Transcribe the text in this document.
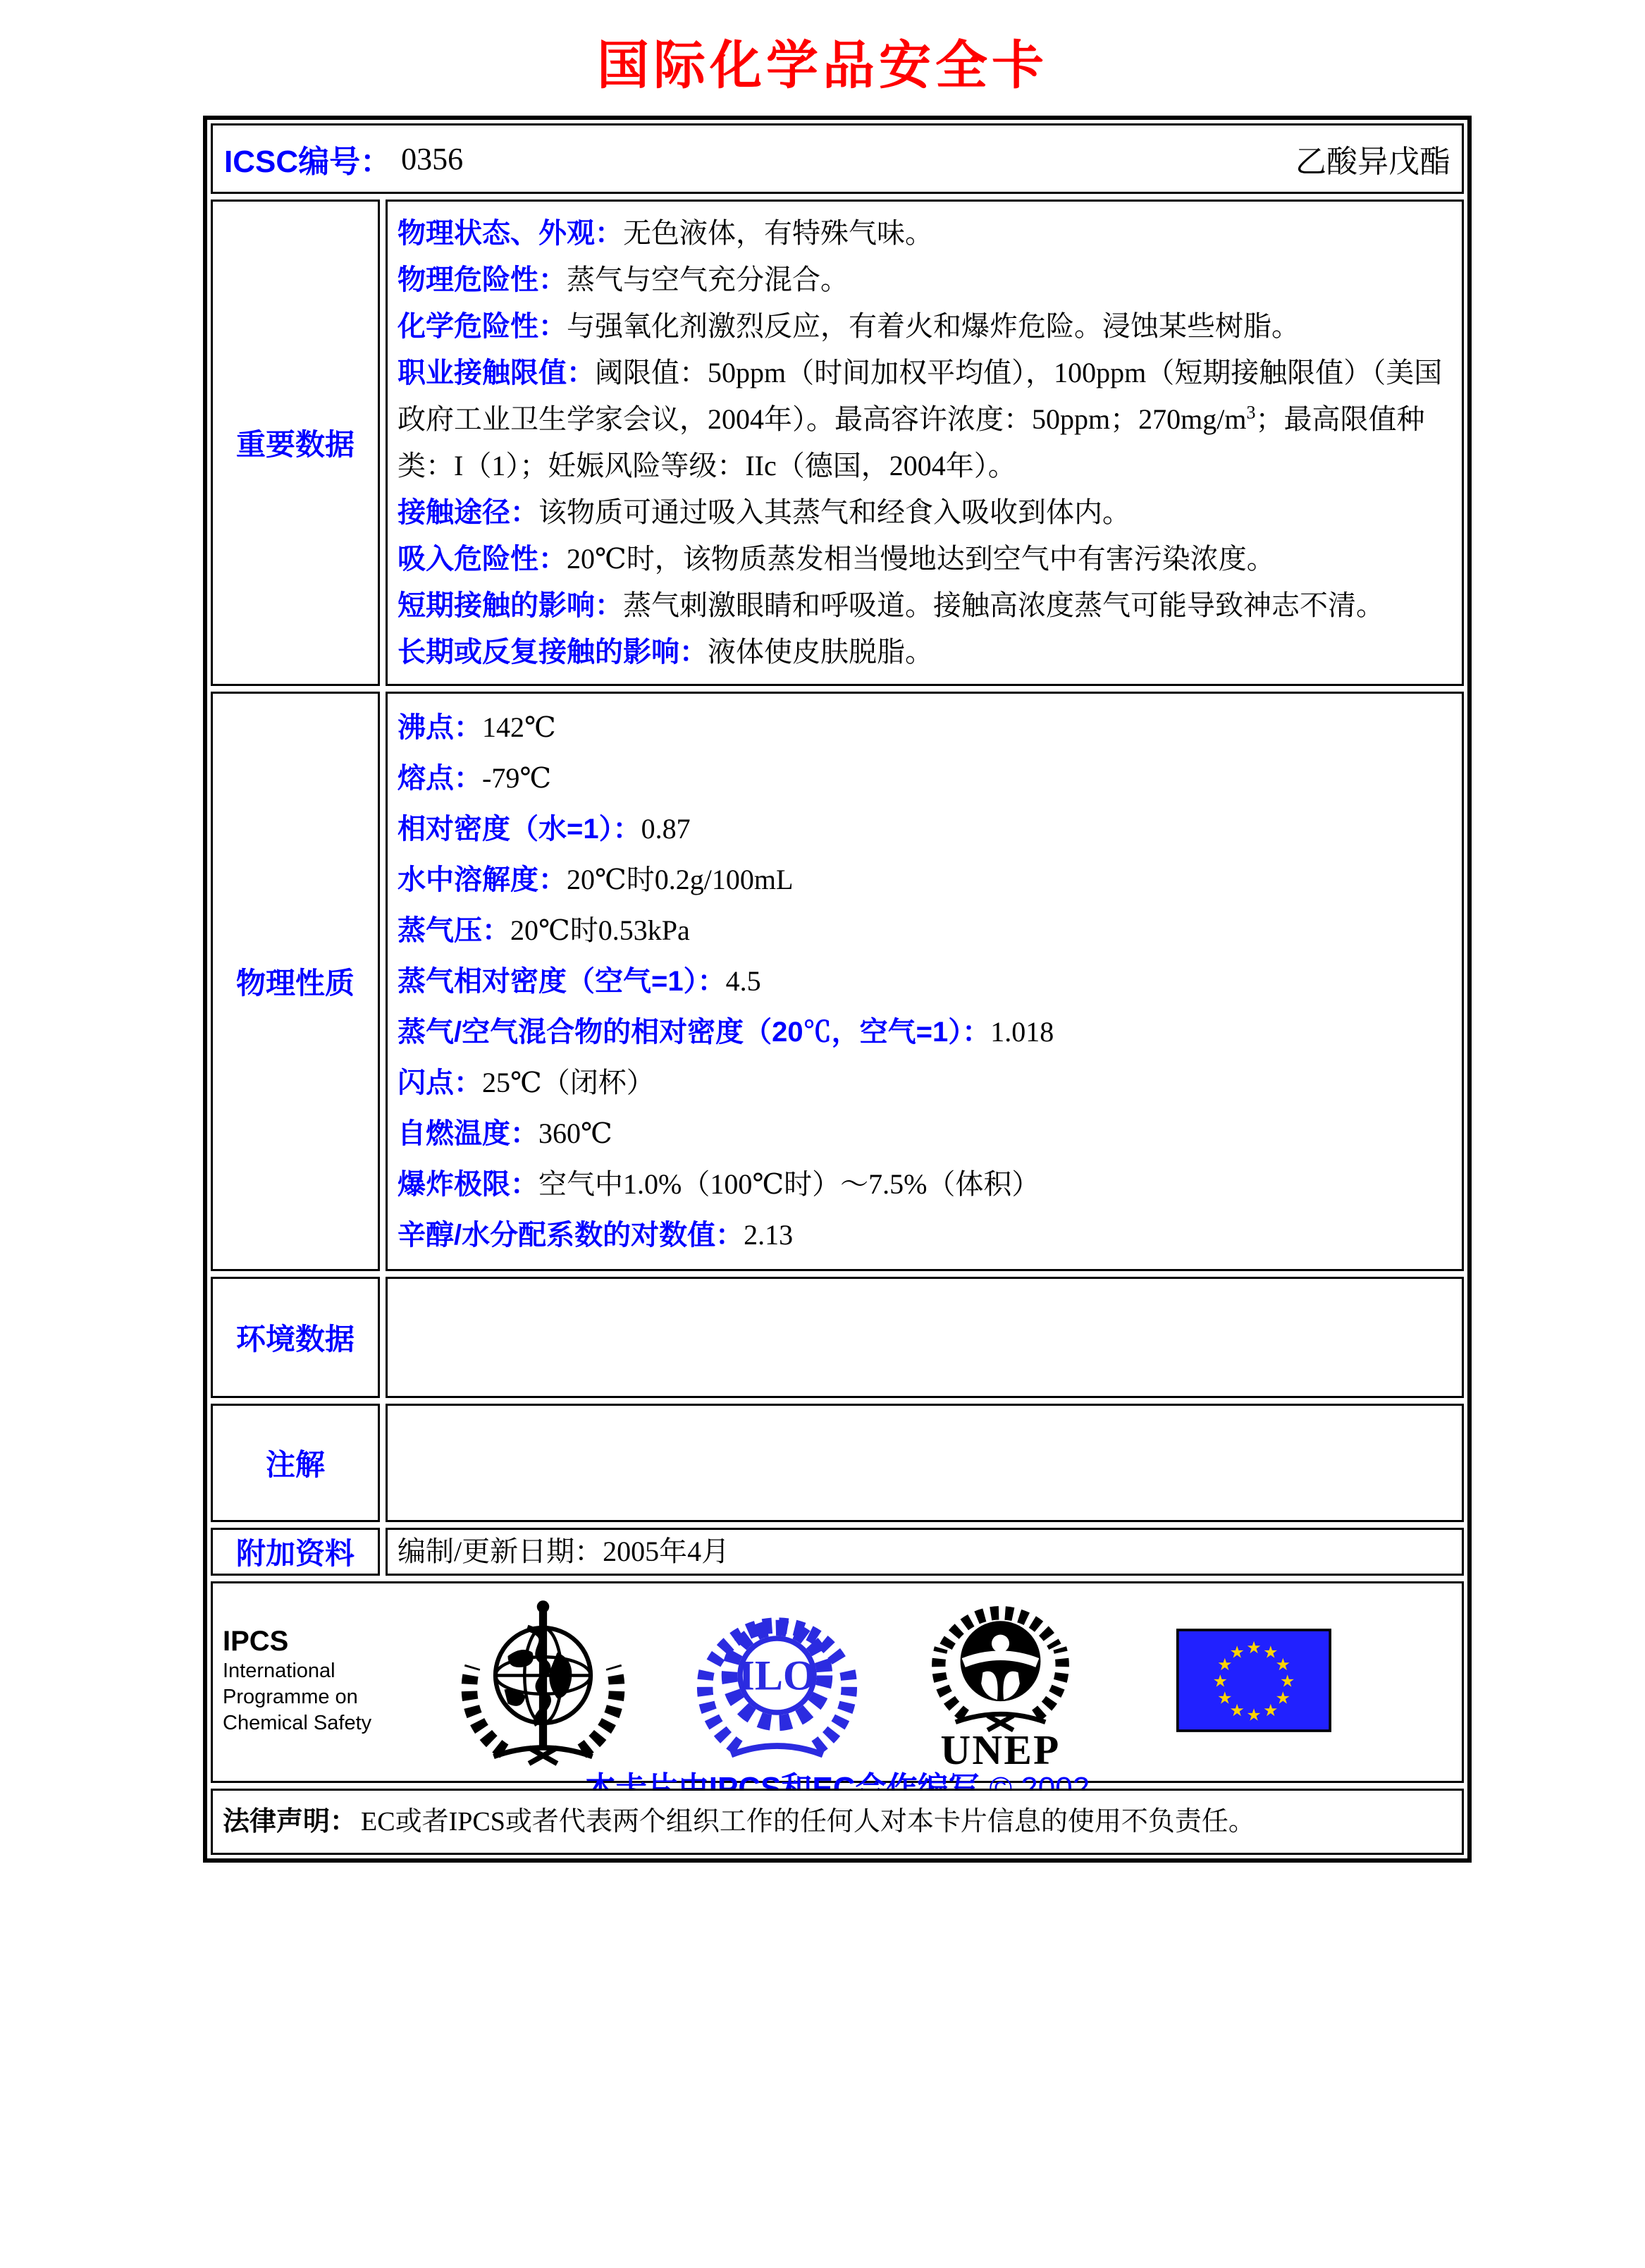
国际化学品安全卡
ICSC编号： 0356	乙酸异戊酯
重要数据

物理状态、外观：无色液体，有特殊气味。

物理危险性：蒸气与空气充分混合。

化学危险性：与强氧化剂激烈反应，有着火和爆炸危险。浸蚀某些树脂。

职业接触限值：阈限值：50ppm（时间加权平均值），100ppm（短期接触限值）（美国政府工业卫生学家会议，2004年）。最高容许浓度：50ppm；$270mg/m^3$；最高限值种类：I（1）；妊娠风险等级：IIc（德国，2004年）。

接触途径：该物质可通过吸入其蒸气和经食入吸收到体内。

吸入危险性：20℃时，该物质蒸发相当慢地达到空气中有害污染浓度。

短期接触的影响：蒸气刺激眼睛和呼吸道。接触高浓度蒸气可能导致神志不清。

长期或反复接触的影响：液体使皮肤脱脂。

物理性质

沸点：142℃

熔点：-79℃

相对密度（水=1）：0.87

水中溶解度：20℃时0.2g/100mL

蒸气压：20℃时0.53kPa

蒸气相对密度（空气=1）：4.5

蒸气/空气混合物的相对密度（20℃，空气=1）：1.018

闪点：25℃（闭杯）

自燃温度：360℃

爆炸极限：空气中1.0%（100℃时）～7.5%（体积）

辛醇/水分配系数的对数值：2.13

环境数据
注解
附加资料	编制/更新日期：2005年4月
IPCS
International
Programme on
Chemical Safety
ILO
UNEP
★ ★
★
★
★
★
★
★
★
★
★
★
法律声明： EC或者IPCS或者代表两个组织工作的任何人对本卡片信息的使用不负责任。
